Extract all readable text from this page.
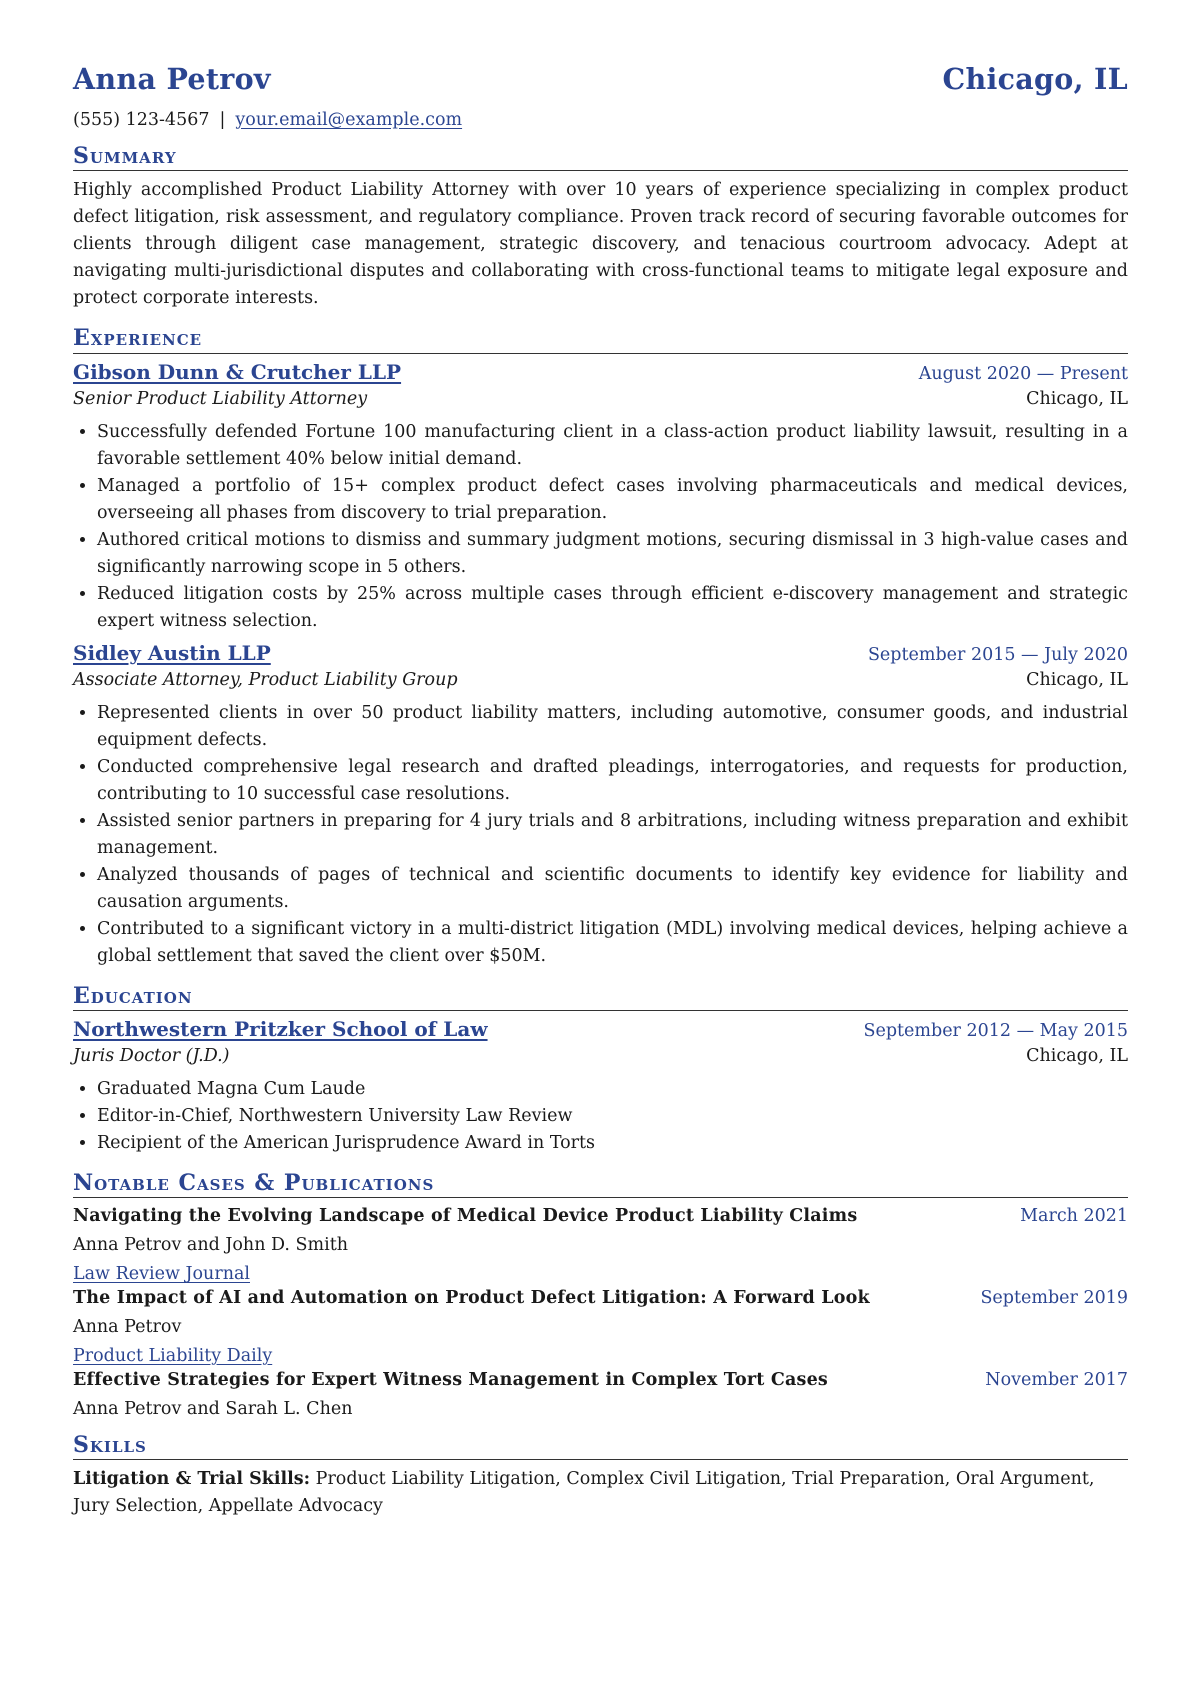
Anna Petrov	Chicago, IL
(555) 123-4567 | your.email@example.com
Summary
Highly accomplished Product Liability Attorney with over 10 years of experience specializing in complex product defect litigation, risk assessment, and regulatory compliance. Proven track record of securing favorable outcomes for clients through diligent case management, strategic discovery, and tenacious courtroom advocacy. Adept at navigating multi-jurisdictional disputes and collaborating with cross-functional teams to mitigate legal exposure and protect corporate interests.
Experience
Gibson Dunn & Crutcher LLP	August 2020 — Present
Senior Product Liability Attorney	Chicago, IL
• Successfully defended Fortune 100 manufacturing client in a class-action product liability lawsuit, resulting in a favorable settlement 40% below initial demand.
• Managed a portfolio of 15+ complex product defect cases involving pharmaceuticals and medical devices, overseeing all phases from discovery to trial preparation.
• Authored critical motions to dismiss and summary judgment motions, securing dismissal in 3 high-value cases and significantly narrowing scope in 5 others.
• Reduced litigation costs by 25% across multiple cases through efficient e-discovery management and strategic expert witness selection.
Sidley Austin LLP	September 2015 — July 2020
Associate Attorney, Product Liability Group	Chicago, IL
• Represented clients in over 50 product liability matters, including automotive, consumer goods, and industrial equipment defects.
• Conducted comprehensive legal research and drafted pleadings, interrogatories, and requests for production, contributing to 10 successful case resolutions.
• Assisted senior partners in preparing for 4 jury trials and 8 arbitrations, including witness preparation and exhibit management.
• Analyzed thousands of pages of technical and scientific documents to identify key evidence for liability and causation arguments.
• Contributed to a significant victory in a multi-district litigation (MDL) involving medical devices, helping achieve a global settlement that saved the client over $50M.
Education
Northwestern Pritzker School of Law	September 2012 — May 2015
Juris Doctor (J.D.)	Chicago, IL
• Graduated Magna Cum Laude
• Editor-in-Chief, Northwestern University Law Review
• Recipient of the American Jurisprudence Award in Torts
Notable Cases & Publications
Navigating the Evolving Landscape of Medical Device Product Liability Claims	March 2021
Anna Petrov and John D. Smith
Law Review Journal
The Impact of AI and Automation on Product Defect Litigation: A Forward Look	September 2019
Anna Petrov
Product Liability Daily
Effective Strategies for Expert Witness Management in Complex Tort Cases	November 2017
Anna Petrov and Sarah L. Chen
Skills
Litigation & Trial Skills: Product Liability Litigation, Complex Civil Litigation, Trial Preparation, Oral Argument, Jury Selection, Appellate Advocacy
